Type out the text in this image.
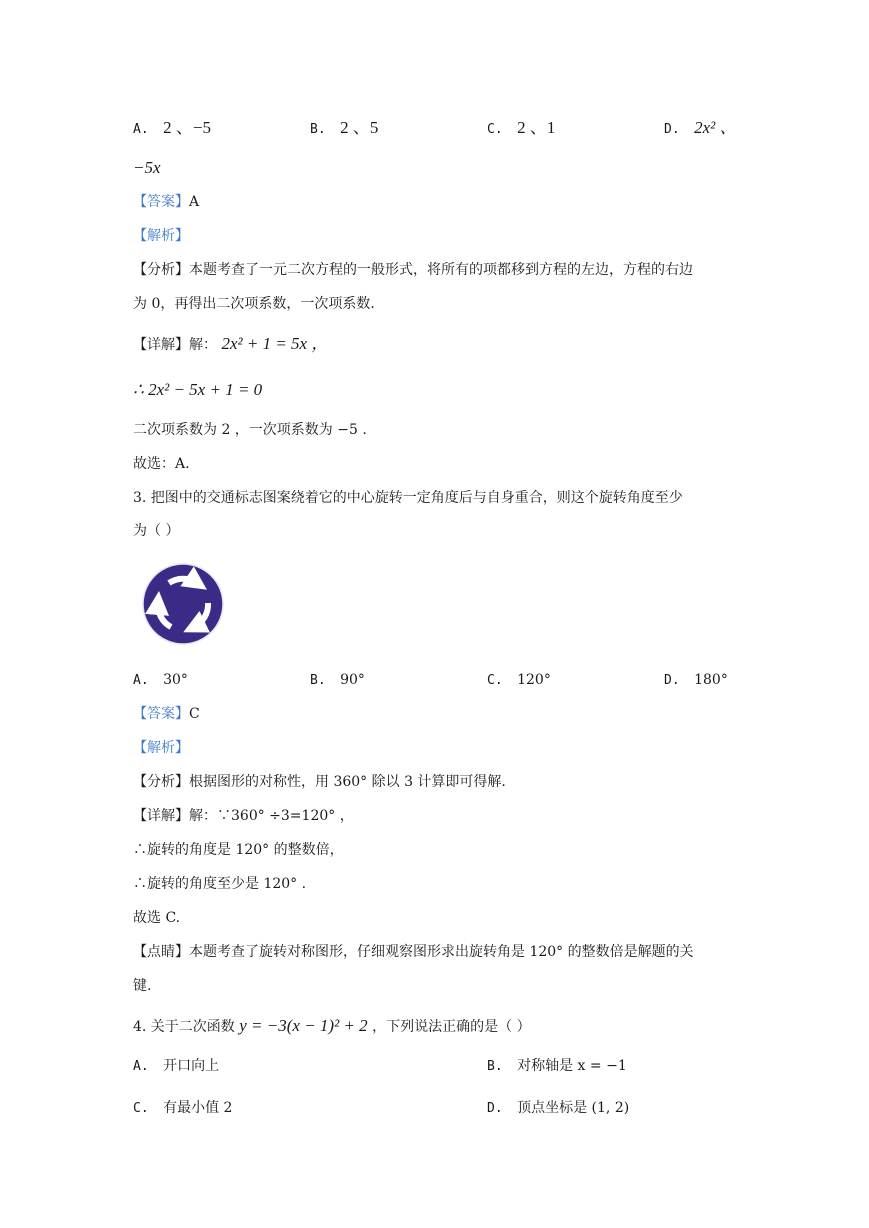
A. 2 、−5	B. 2 、5	C. 2 、1	D. 2x² 、
−5x
【答案】A
【解析】
【分析】本题考查了一元二次方程的一般形式，将所有的项都移到方程的左边，方程的右边
为 0，再得出二次项系数，一次项系数.
【详解】解： 2x² + 1 = 5x ，
∴ 2x² − 5x + 1 = 0
二次项系数为 2 ，一次项系数为 −5 .
故选：A.
3. 把图中的交通标志图案绕着它的中心旋转一定角度后与自身重合，则这个旋转角度至少
为（ ）
A. 30°	B. 90°	C. 120°	D. 180°
【答案】C
【解析】
【分析】根据图形的对称性，用 360° 除以 3 计算即可得解.
【详解】解：∵360° ÷3=120° ，
∴旋转的角度是 120° 的整数倍，
∴旋转的角度至少是 120° .
故选 C.
【点睛】本题考查了旋转对称图形，仔细观察图形求出旋转角是 120° 的整数倍是解题的关
键.
4. 关于二次函数 y = −3(x − 1)² + 2 ，下列说法正确的是（ ）
A. 开口向上	B. 对称轴是 x = −1
C. 有最小值 2	D. 顶点坐标是 (1, 2)
